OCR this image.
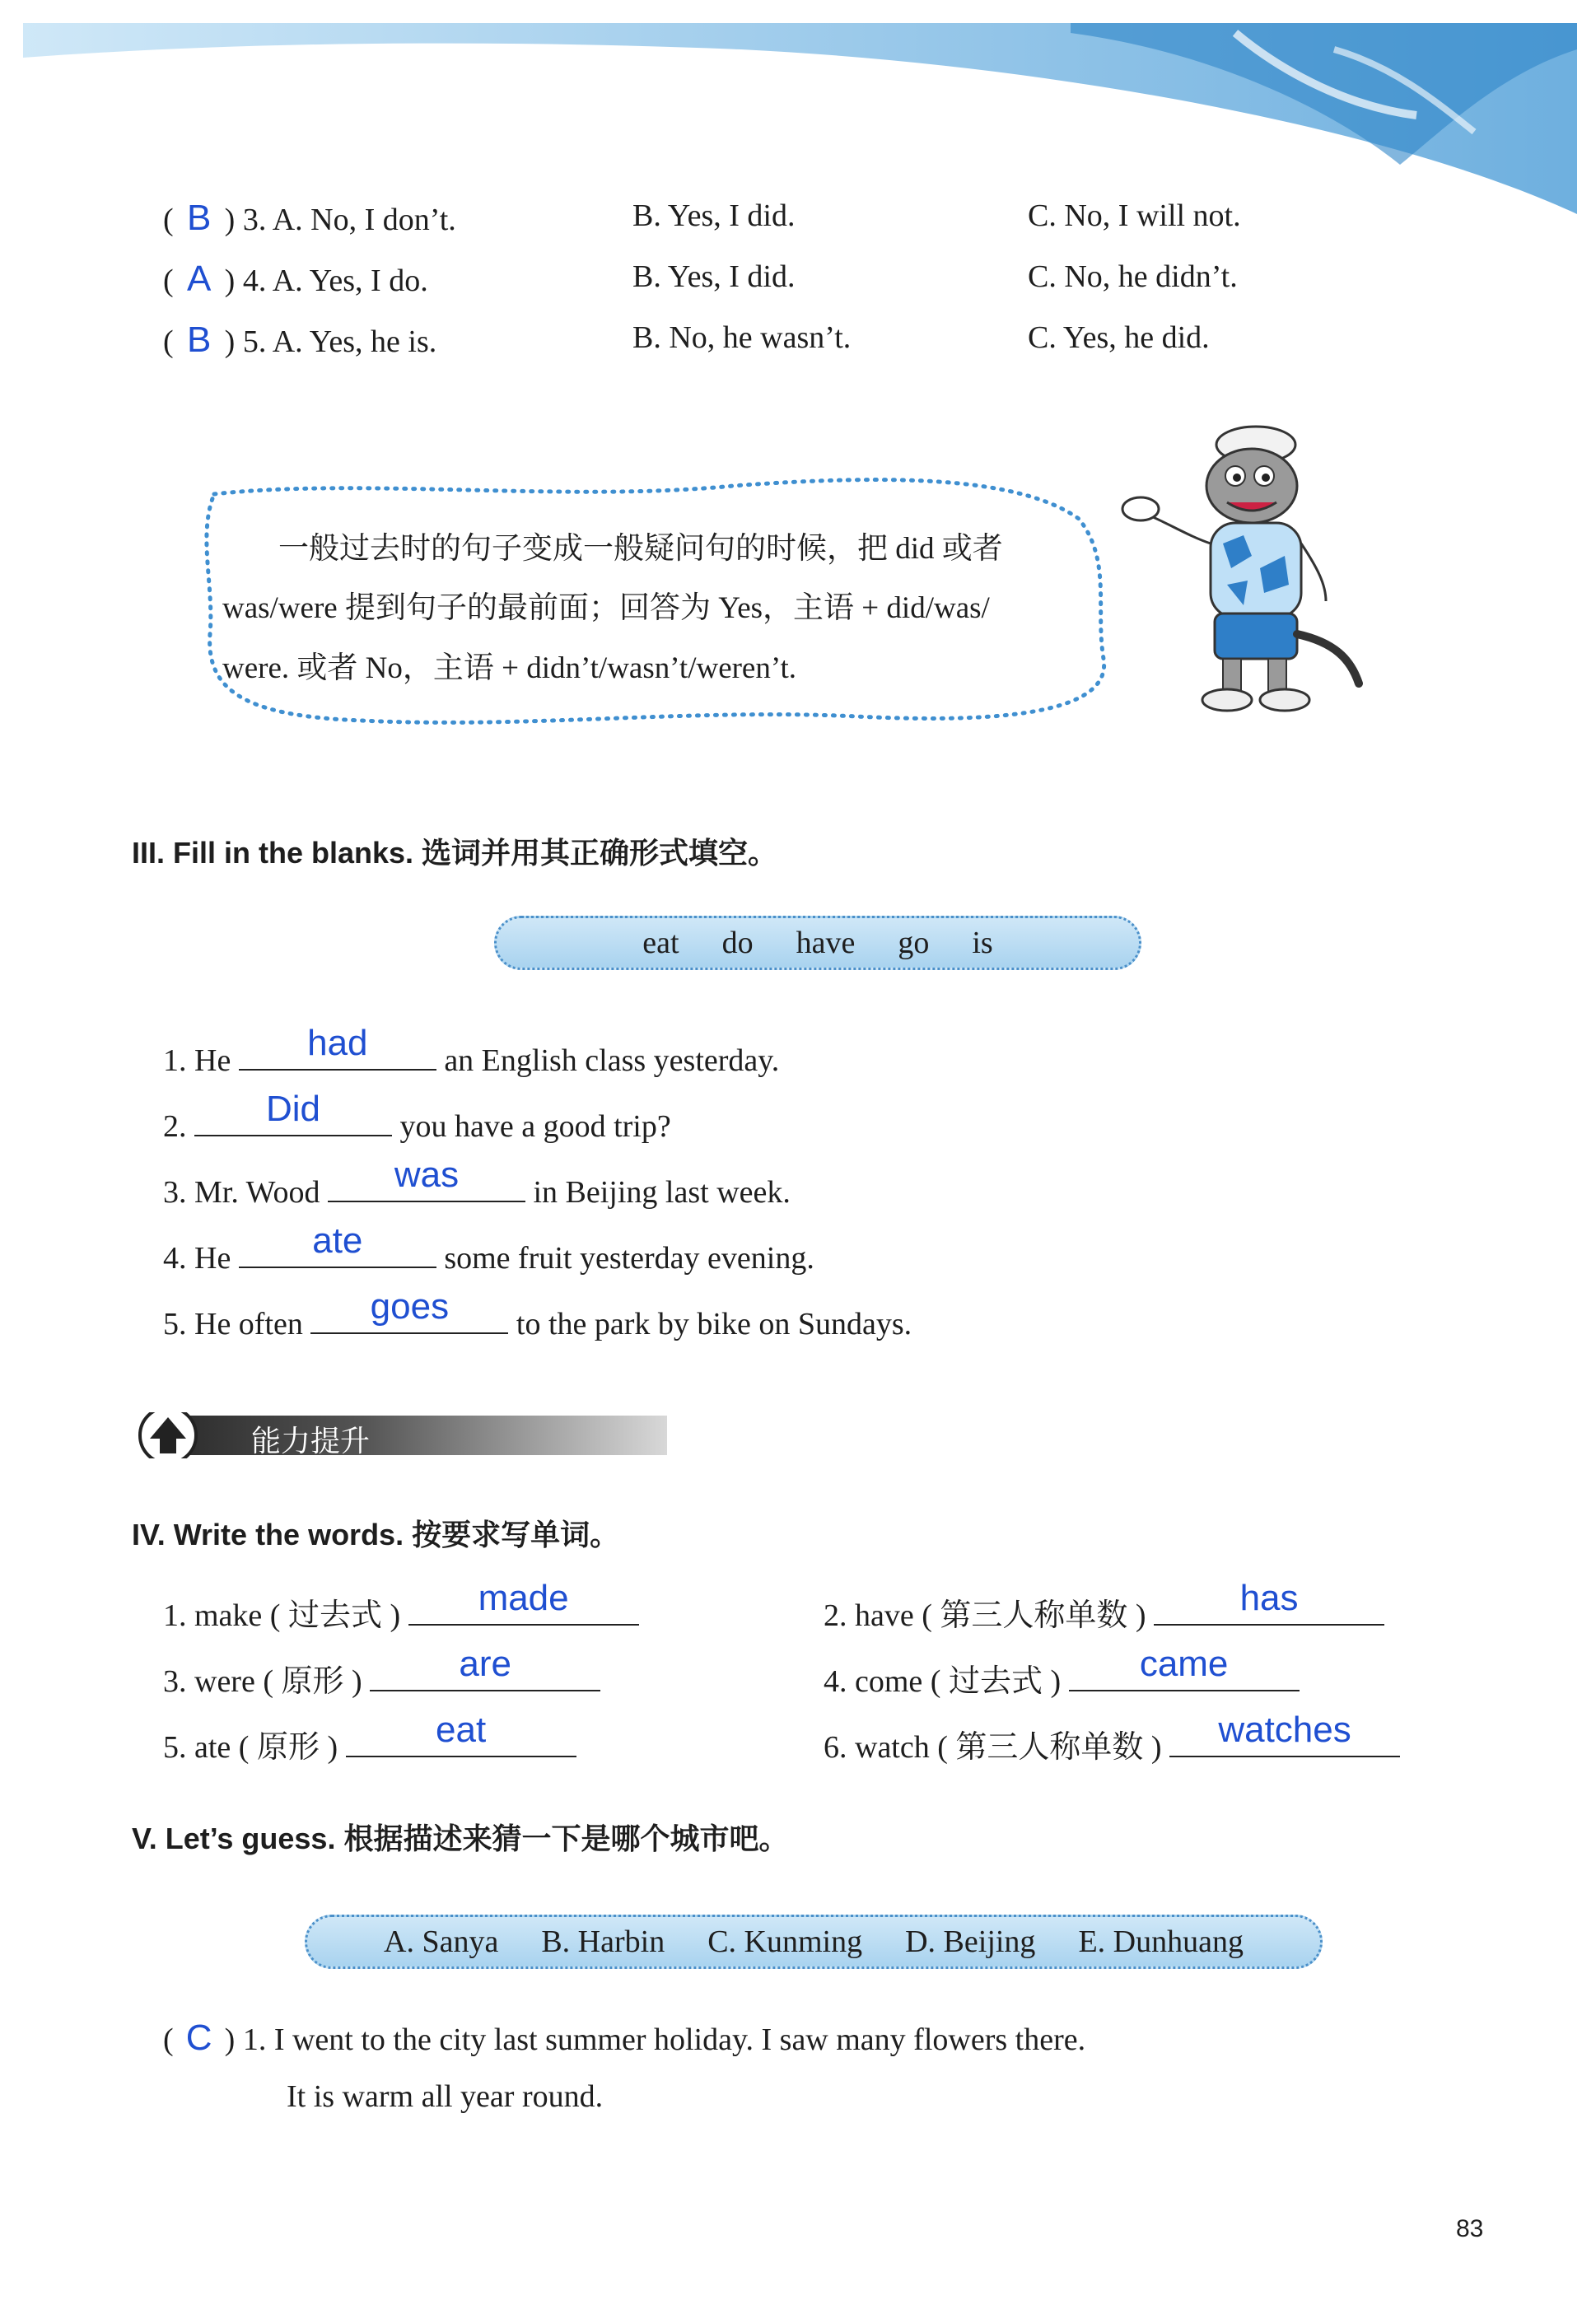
( B ) 3. A. No, I don’t.	B. Yes, I did.	C. No, I will not.
( A ) 4. A. Yes, I do.	B. Yes, I did.	C. No, he didn’t.
( B ) 5. A. Yes, he is.	B. No, he wasn’t.	C. Yes, he did.
一般过去时的句子变成一般疑问句的时候，把 did 或者
was/were 提到句子的最前面；回答为 Yes，主语 + did/was/
were. 或者 No，主语 + didn’t/wasn’t/weren’t.
III. Fill in the blanks. 选词并用其正确形式填空。
eat do have go is
1. He	had	an English class yesterday.
2.	Did	you have a good trip?
3. Mr. Wood	was	in Beijing last week.
4. He	ate	some fruit yesterday evening.
5. He often	goes	to the park by bike on Sundays.
能力提升
IV. Write the words. 按要求写单词。
1. make ( 过去式 )	made	2. have ( 第三人称单数 )	has
3. were ( 原形 )	are	4. come ( 过去式 )	came
5. ate ( 原形 )	eat	6. watch ( 第三人称单数 )	watches
V. Let’s guess. 根据描述来猜一下是哪个城市吧。
A. Sanya B. Harbin C. Kunming D. Beijing E. Dunhuang
( C ) 1. I went to the city last summer holiday. I saw many flowers there.
It is warm all year round.
83
